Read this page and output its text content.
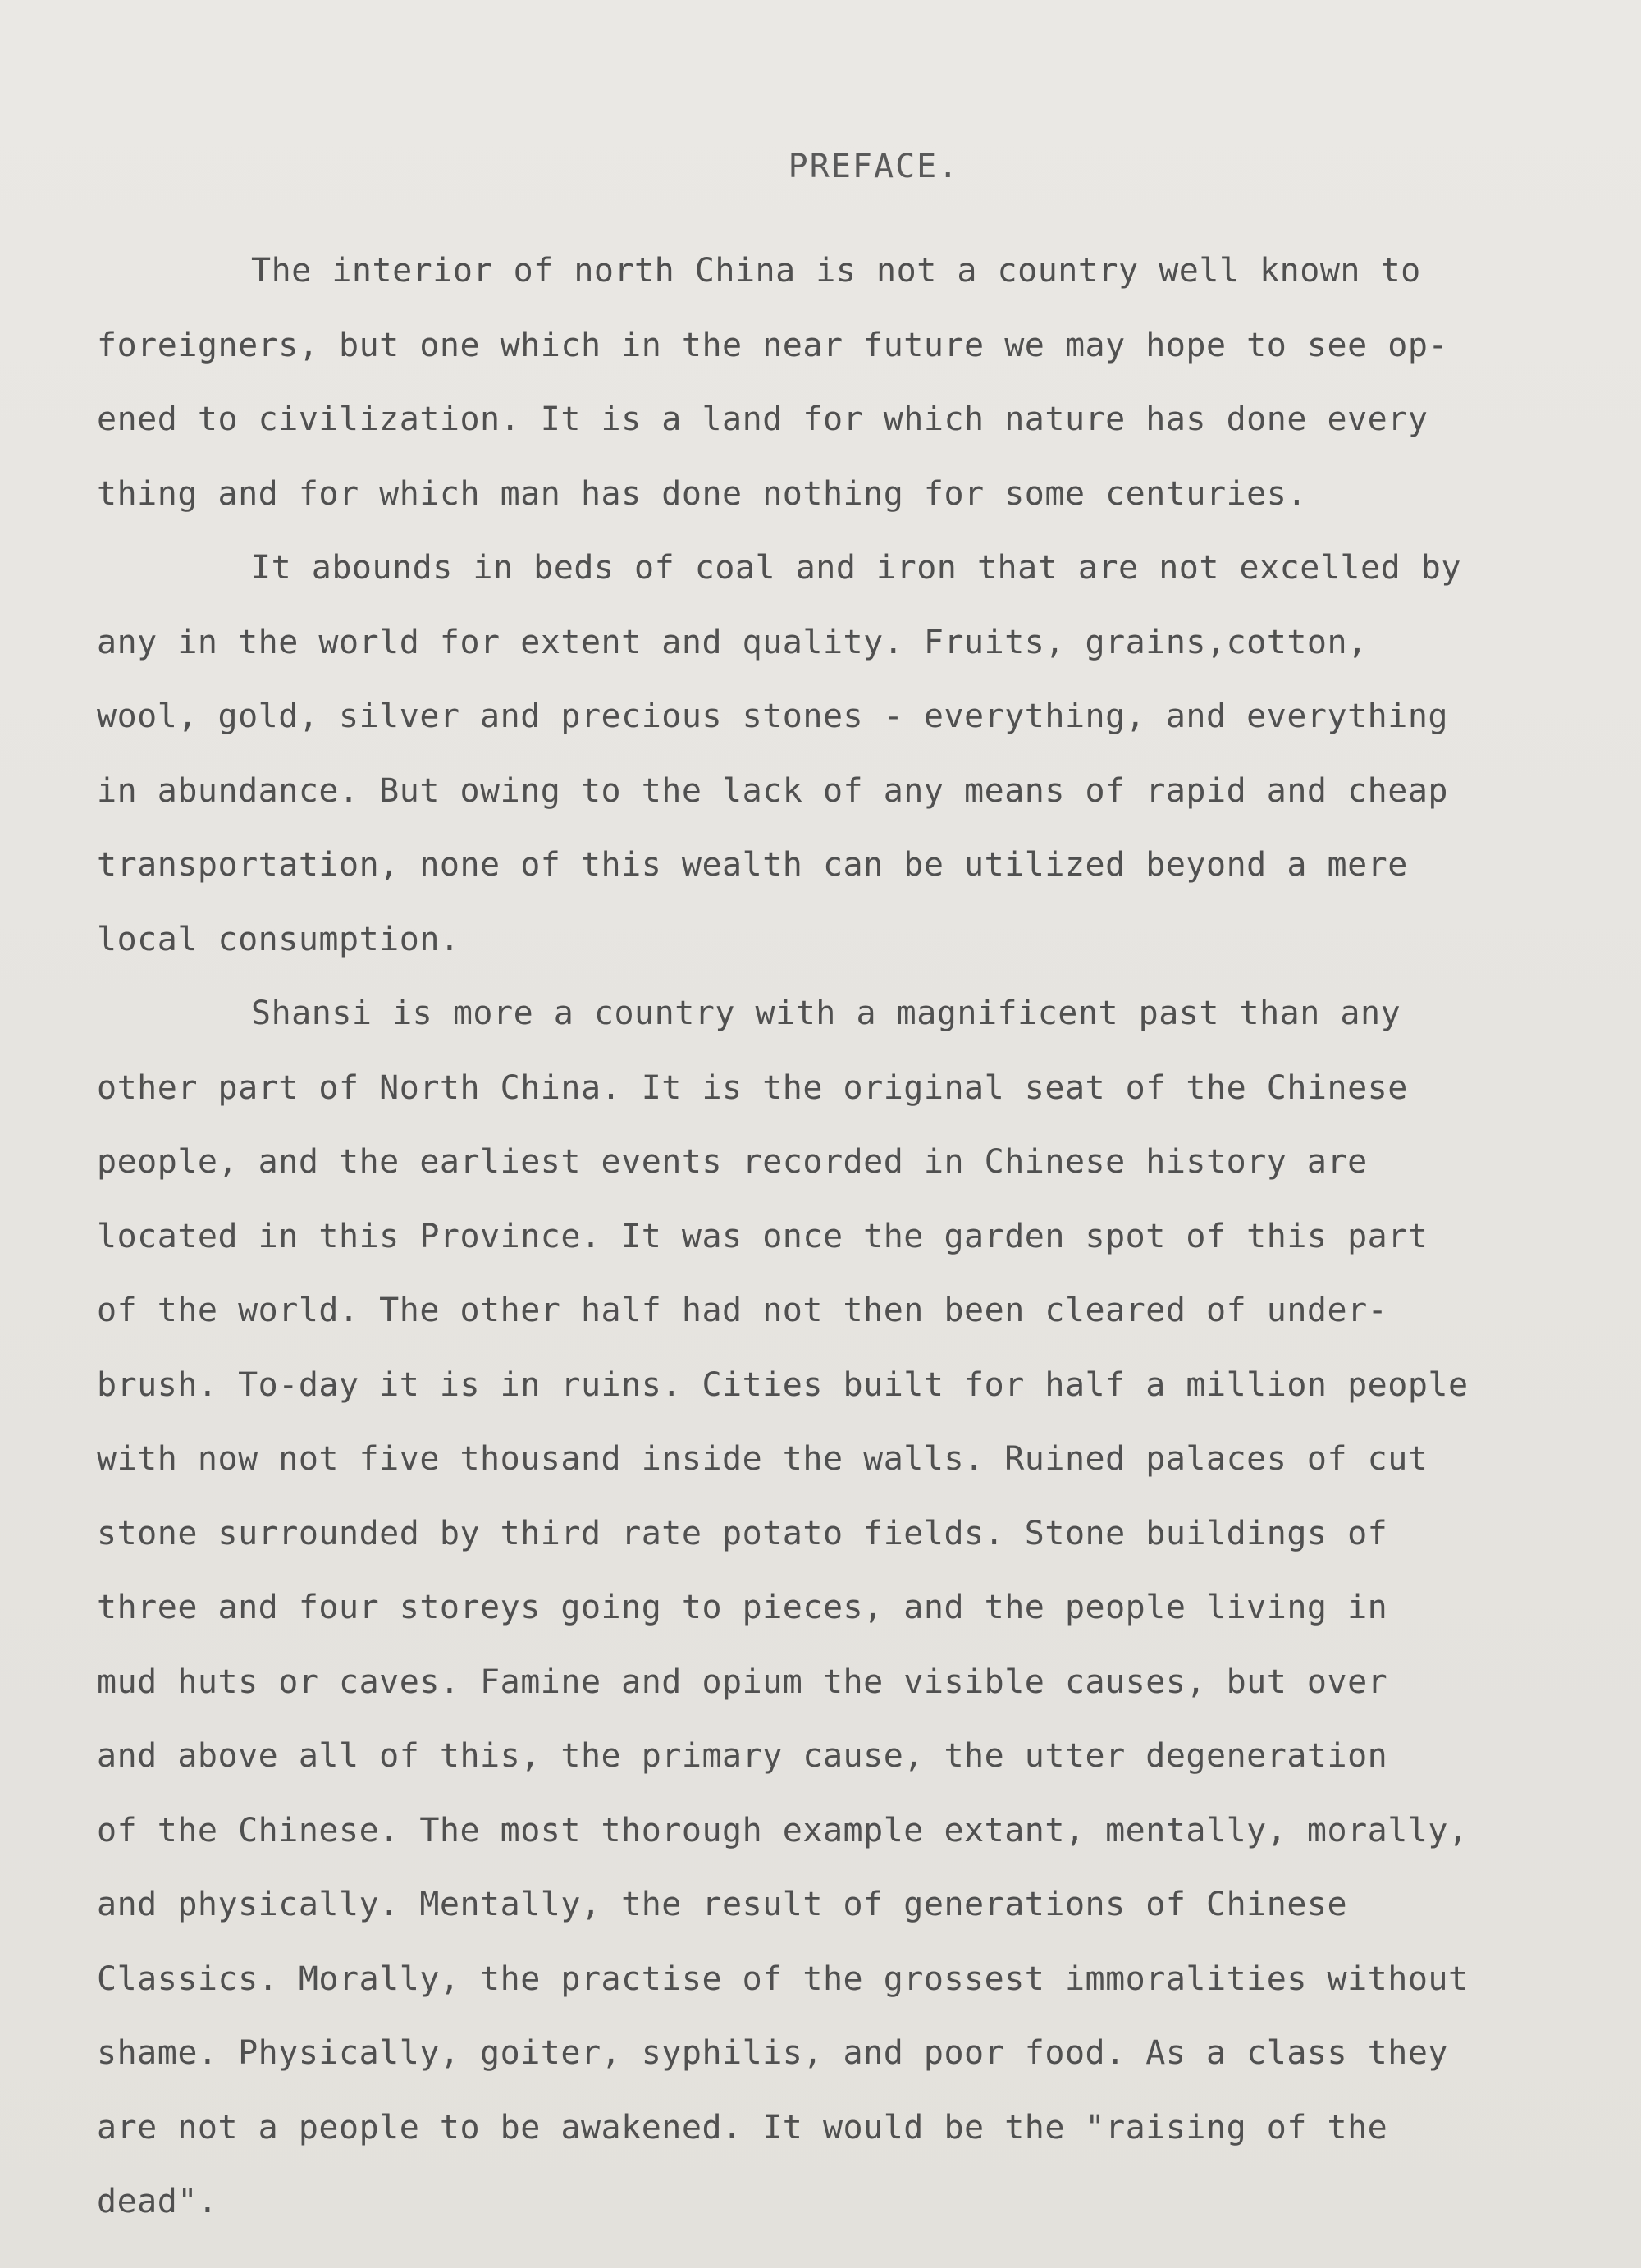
PREFACE.
The interior of north China is not a country well known to
foreigners, but one which in the near future we may hope to see op-
ened to civilization. It is a land for which nature has done every
thing and for which man has done nothing for some centuries.
It abounds in beds of coal and iron that are not excelled by
any in the world for extent and quality. Fruits, grains,cotton,
wool, gold, silver and precious stones - everything, and everything
in abundance. But owing to the lack of any means of rapid and cheap
transportation, none of this wealth can be utilized beyond a mere
local consumption.
Shansi is more a country with a magnificent past than any
other part of North China. It is the original seat of the Chinese
people, and the earliest events recorded in Chinese history are
located in this Province. It was once the garden spot of this part
of the world. The other half had not then been cleared of under-
brush. To-day it is in ruins. Cities built for half a million people
with now not five thousand inside the walls. Ruined palaces of cut
stone surrounded by third rate potato fields. Stone buildings of
three and four storeys going to pieces, and the people living in
mud huts or caves. Famine and opium the visible causes, but over
and above all of this, the primary cause, the utter degeneration
of the Chinese. The most thorough example extant, mentally, morally,
and physically. Mentally, the result of generations of Chinese
Classics. Morally, the practise of the grossest immoralities without
shame. Physically, goiter, syphilis, and poor food. As a class they
are not a people to be awakened. It would be the "raising of the
dead".
